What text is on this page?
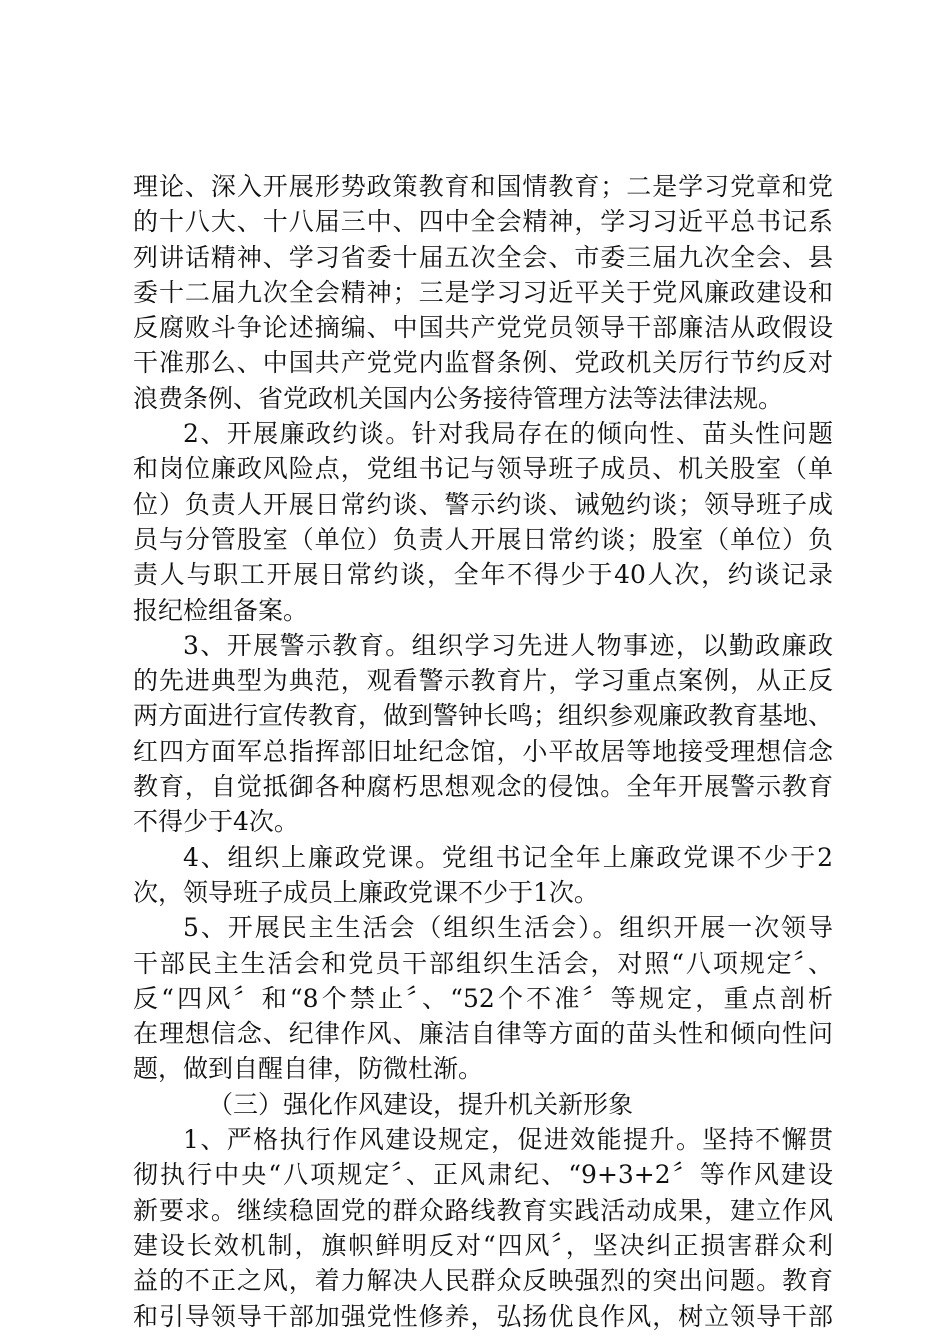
理论、深入开展形势政策教育和国情教育；二是学习党章和党
的十八大、十八届三中、四中全会精神，学习习近平总书记系
列讲话精神、学习省委十届五次全会、市委三届九次全会、县
委十二届九次全会精神；三是学习习近平关于党风廉政建设和
反腐败斗争论述摘编、中国共产党党员领导干部廉洁从政假设
干准那么、中国共产党党内监督条例、党政机关厉行节约反对
浪费条例、省党政机关国内公务接待管理方法等法律法规。
2、开展廉政约谈。针对我局存在的倾向性、苗头性问题
和岗位廉政风险点，党组书记与领导班子成员、机关股室（单
位）负责人开展日常约谈、警示约谈、诫勉约谈；领导班子成
员与分管股室（单位）负责人开展日常约谈；股室（单位）负
责人与职工开展日常约谈，全年不得少于40人次，约谈记录
报纪检组备案。
3、开展警示教育。组织学习先进人物事迹，以勤政廉政
的先进典型为典范，观看警示教育片，学习重点案例，从正反
两方面进行宣传教育，做到警钟长鸣；组织参观廉政教育基地、
红四方面军总指挥部旧址纪念馆，小平故居等地接受理想信念
教育，自觉抵御各种腐朽思想观念的侵蚀。全年开展警示教育
不得少于4次。
4、组织上廉政党课。党组书记全年上廉政党课不少于2
次，领导班子成员上廉政党课不少于1次。
5、开展民主生活会（组织生活会）。组织开展一次领导
干部民主生活会和党员干部组织生活会，对照“八项规定〞、
反“四风〞和“8个禁止〞、“52个不准〞等规定，重点剖析
在理想信念、纪律作风、廉洁自律等方面的苗头性和倾向性问
题，做到自醒自律，防微杜渐。
（三）强化作风建设，提升机关新形象
1、严格执行作风建设规定，促进效能提升。坚持不懈贯
彻执行中央“八项规定〞、正风肃纪、“9+3+2〞等作风建设
新要求。继续稳固党的群众路线教育实践活动成果，建立作风
建设长效机制，旗帜鲜明反对“四风〞，坚决纠正损害群众利
益的不正之风，着力解决人民群众反映强烈的突出问题。教育
和引导领导干部加强党性修养，弘扬优良作风，树立领导干部
